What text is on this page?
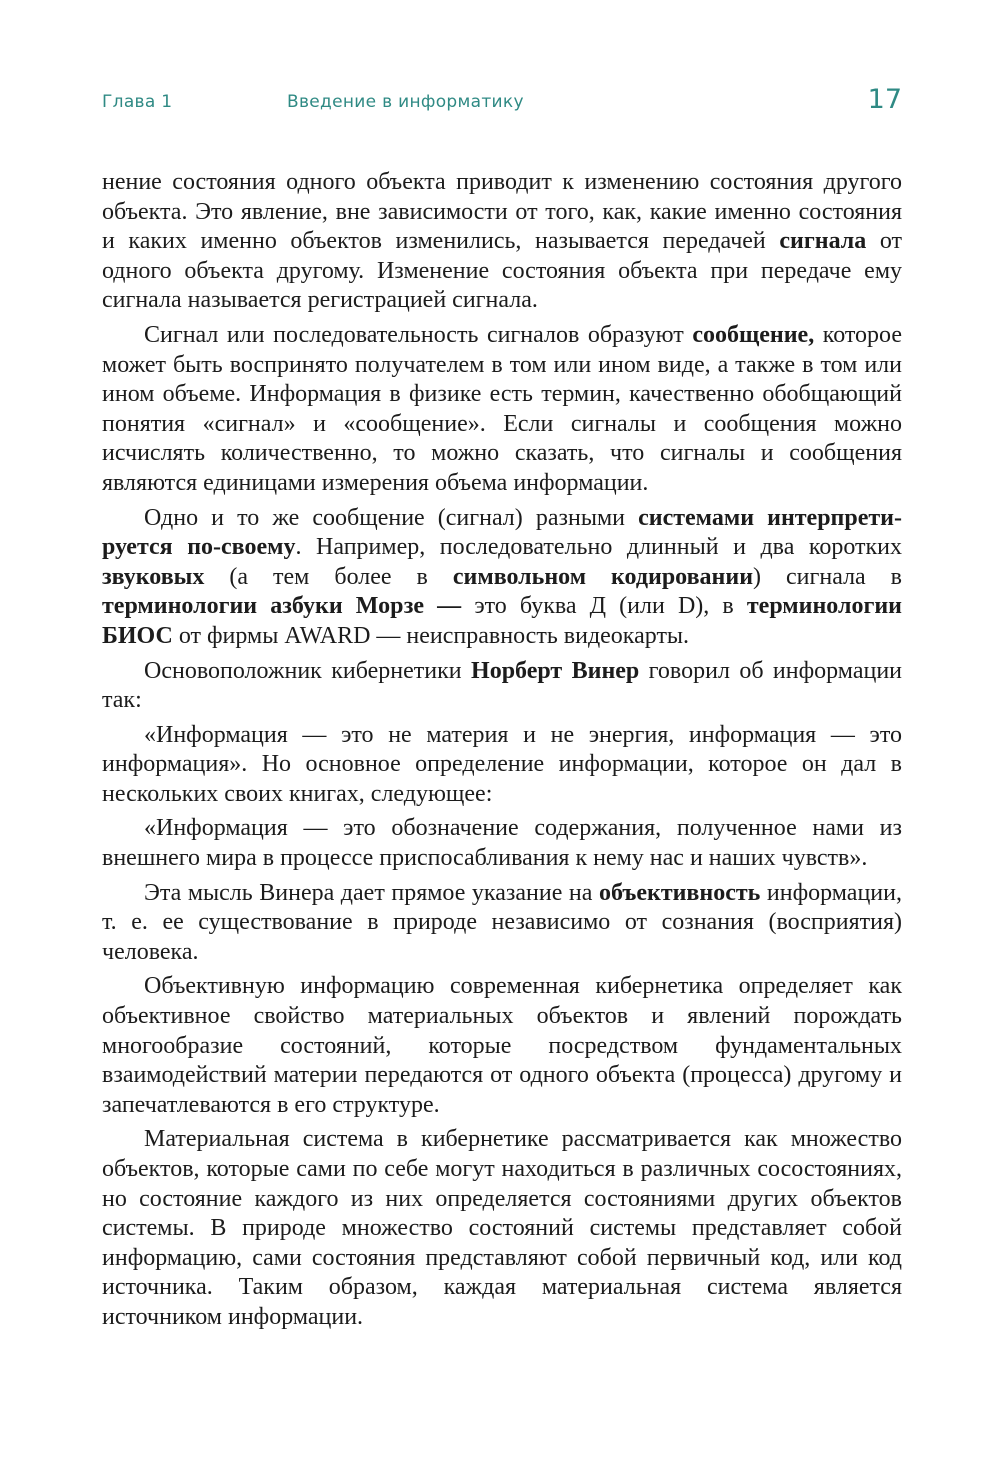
Глава 1	Введение в информатику	17

нение состояния одного объекта приводит к изменению состояния другого объекта. Это явление, вне зависимости от того, как, какие именно состояния и каких именно объектов изменились, называется передачей сигнала от одного объекта другому. Изменение состояния объекта при передаче ему сигнала называется регистрацией сигнала.

Сигнал или последовательность сигналов образуют сообщение, которое может быть воспринято получателем в том или ином виде, а также в том или ином объеме. Информация в физике есть термин, качественно обобщающий понятия «сигнал» и «сообщение». Если сигналы и сообщения можно исчислять количественно, то можно сказать, что сигналы и сообщения являются единицами измерения объема информации.

Одно и то же сообщение (сигнал) разными системами интерпретируется по-своему. Например, последовательно длинный и два коротких звуковых (а тем более в символьном кодировании) сигнала в терминологии азбуки Морзе — это буква Д (или D), в терминологии БИОС от фирмы AWARD — неисправность видеокарты.

Основоположник кибернетики Норберт Винер говорил об информации так:

«Информация — это не материя и не энергия, информация — это информация». Но основное определение информации, которое он дал в нескольких своих книгах, следующее:

«Информация — это обозначение содержания, полученное нами из внешнего мира в процессе приспосабливания к нему нас и наших чувств».

Эта мысль Винера дает прямое указание на объективность информации, т. е. ее существование в природе независимо от сознания (восприятия) человека.

Объективную информацию современная кибернетика определяет как объективное свойство материальных объектов и явлений порождать многообразие состояний, которые посредством фундаментальных взаимодействий материи передаются от одного объекта (процесса) другому и запечатлеваются в его структуре.

Материальная система в кибернетике рассматривается как множество объектов, которые сами по себе могут находиться в различных сосостояниях, но состояние каждого из них определяется состояниями других объектов системы. В природе множество состояний системы представляет собой информацию, сами состояния представляют собой первичный код, или код источника. Таким образом, каждая материальная система является источником информации.
